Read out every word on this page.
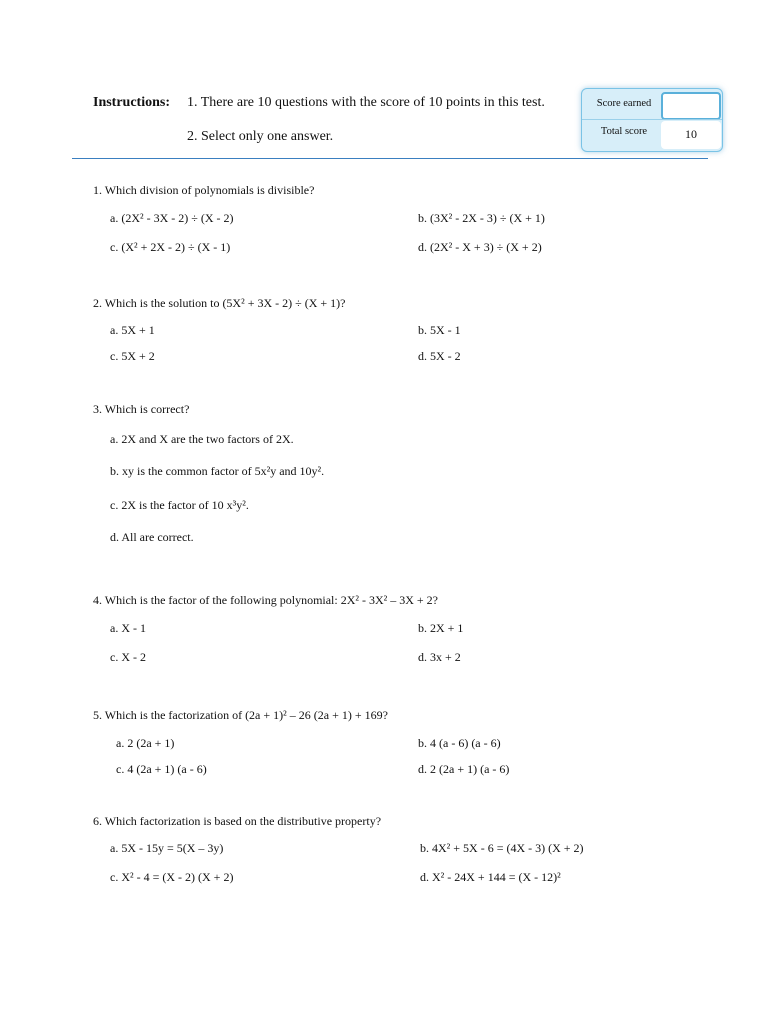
Instructions: 1. There are 10 questions with the score of 10 points in this test.
2. Select only one answer.
Score earned
Total score	10
1. Which division of polynomials is divisible?
a. (2X² - 3X - 2) ÷ (X - 2)	b. (3X² - 2X - 3) ÷ (X + 1)
c. (X² + 2X - 2) ÷ (X - 1)	d. (2X² - X + 3) ÷ (X + 2)
2. Which is the solution to (5X² + 3X - 2) ÷ (X + 1)?
a. 5X + 1	b. 5X - 1
c. 5X + 2	d. 5X - 2
3. Which is correct?
a. 2X and X are the two factors of 2X.
b. xy is the common factor of 5x²y and 10y².
c. 2X is the factor of 10 x³y².
d. All are correct.
4. Which is the factor of the following polynomial: 2X² - 3X² – 3X + 2?
a. X - 1	b. 2X + 1
c. X - 2	d. 3x + 2
5. Which is the factorization of (2a + 1)² – 26 (2a + 1) + 169?
a. 2 (2a + 1)	b. 4 (a - 6) (a - 6)
c. 4 (2a + 1) (a - 6)	d. 2 (2a + 1) (a - 6)
6. Which factorization is based on the distributive property?
a. 5X - 15y = 5(X – 3y)	b. 4X² + 5X - 6 = (4X - 3) (X + 2)
c. X² - 4 = (X - 2) (X + 2)	d. X² - 24X + 144 = (X - 12)²
